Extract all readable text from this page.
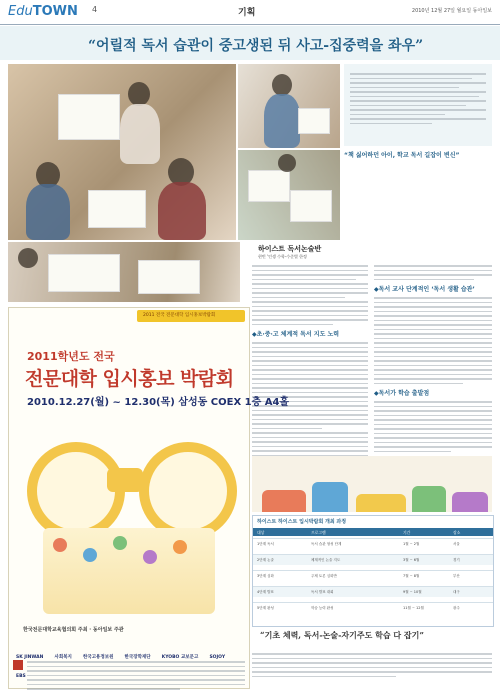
EduTOWN 4	기획	2010년 12월 27일 월요일 동아일보
“어릴적 독서 습관이 중고생된 뒤 사고-집중력을 좌우”
하이스트 독서논술반
현빈 '인생 수학-수준별 한정
“책 싫어하던 아이, 학교 독서 길잡이 변신”
◆초·중·고 체계적 독서 지도 노력
◆독서 교사 단계적인 ‘독서 생활 습관’
◆독서가 학습 출발점
2011 전국 전문대학 입시홍보박람회
2011학년도 전국
전문대학 입시홍보 박람회
2010.12.27(월) ~ 12.30(목) 삼성동 COEX 1층 A4홀
한국전문대학교육협의회 주최 · 동아일보 주관
SK JINWAN 사회복지 한국고용정보원 한국장학재단 KYOBO 교보문고 SOJOY EBS
하이스트 하이스트 입시박람회 개최 과정
대상	프로그램	기간	장소
1단계 독서	독서 습관 형성 단계	1월 ~ 2월	서울
2단계 논술	체계적인 논술 지도	3월 ~ 6월	경기
3단계 심화	주제 토론 심화반	7월 ~ 8월	부산
4단계 발표	독서 발표 대회	9월 ~ 10월	대구
5단계 완성	학습 능력 완성	11월 ~ 12월	광주
“기초 체력, 독서-논술-자기주도 학습 다 잡기”
